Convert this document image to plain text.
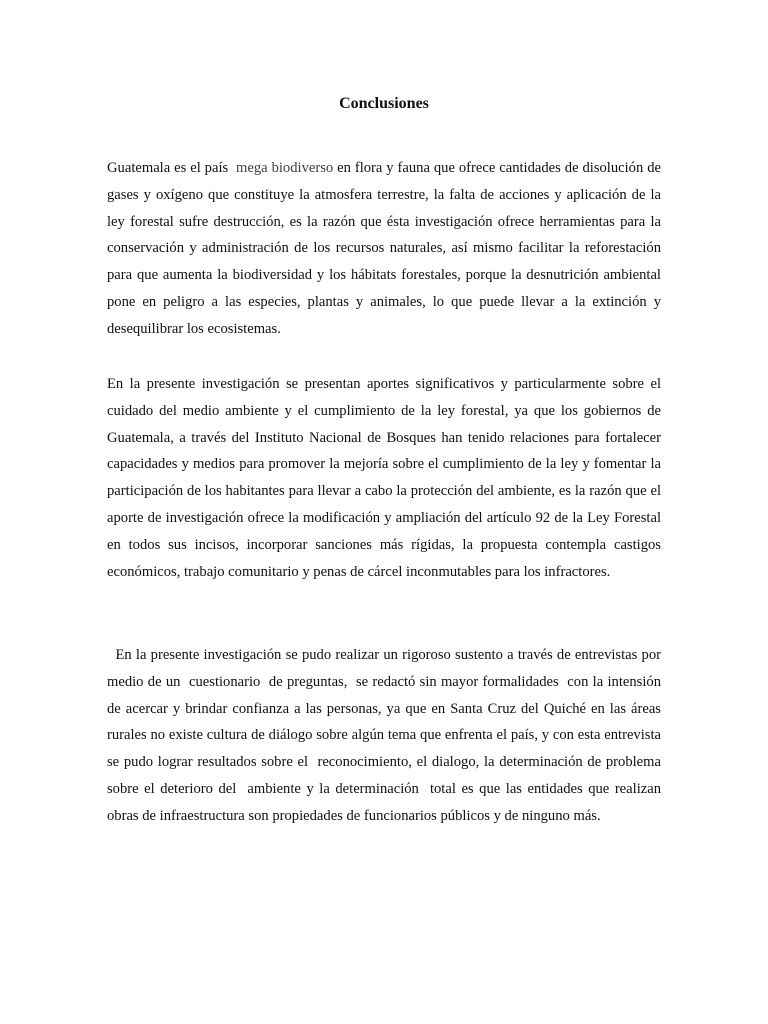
Conclusiones

Guatemala es el país  mega biodiverso en flora y fauna que ofrece cantidades de disolución de gases y oxígeno que constituye la atmosfera terrestre, la falta de acciones y aplicación de la ley forestal sufre destrucción, es la razón que ésta investigación ofrece herramientas para la conservación y administración de los recursos naturales, así mismo facilitar la reforestación para que aumenta la biodiversidad y los hábitats forestales, porque la desnutrición ambiental pone en peligro a las especies, plantas y animales, lo que puede llevar a la extinción y desequilibrar los ecosistemas.

En la presente investigación se presentan aportes significativos y particularmente sobre el cuidado del medio ambiente y el cumplimiento de la ley forestal, ya que los gobiernos de Guatemala, a través del Instituto Nacional de Bosques han tenido relaciones para fortalecer capacidades y medios para promover la mejoría sobre el cumplimiento de la ley y fomentar la participación de los habitantes para llevar a cabo la protección del ambiente, es la razón que el aporte de investigación ofrece la modificación y ampliación del artículo 92 de la Ley Forestal en todos sus incisos, incorporar sanciones más rígidas, la propuesta contempla castigos económicos, trabajo comunitario y penas de cárcel inconmutables para los infractores.

En la presente investigación se pudo realizar un rigoroso sustento a través de entrevistas por medio de un  cuestionario  de preguntas,  se redactó sin mayor formalidades  con la intensión de acercar y brindar confianza a las personas, ya que en Santa Cruz del Quiché en las áreas rurales no existe cultura de diálogo sobre algún tema que enfrenta el país, y con esta entrevista se pudo lograr resultados sobre el  reconocimiento, el dialogo, la determinación de problema sobre el deterioro del  ambiente y la determinación  total es que las entidades que realizan obras de infraestructura son propiedades de funcionarios públicos y de ninguno más.
